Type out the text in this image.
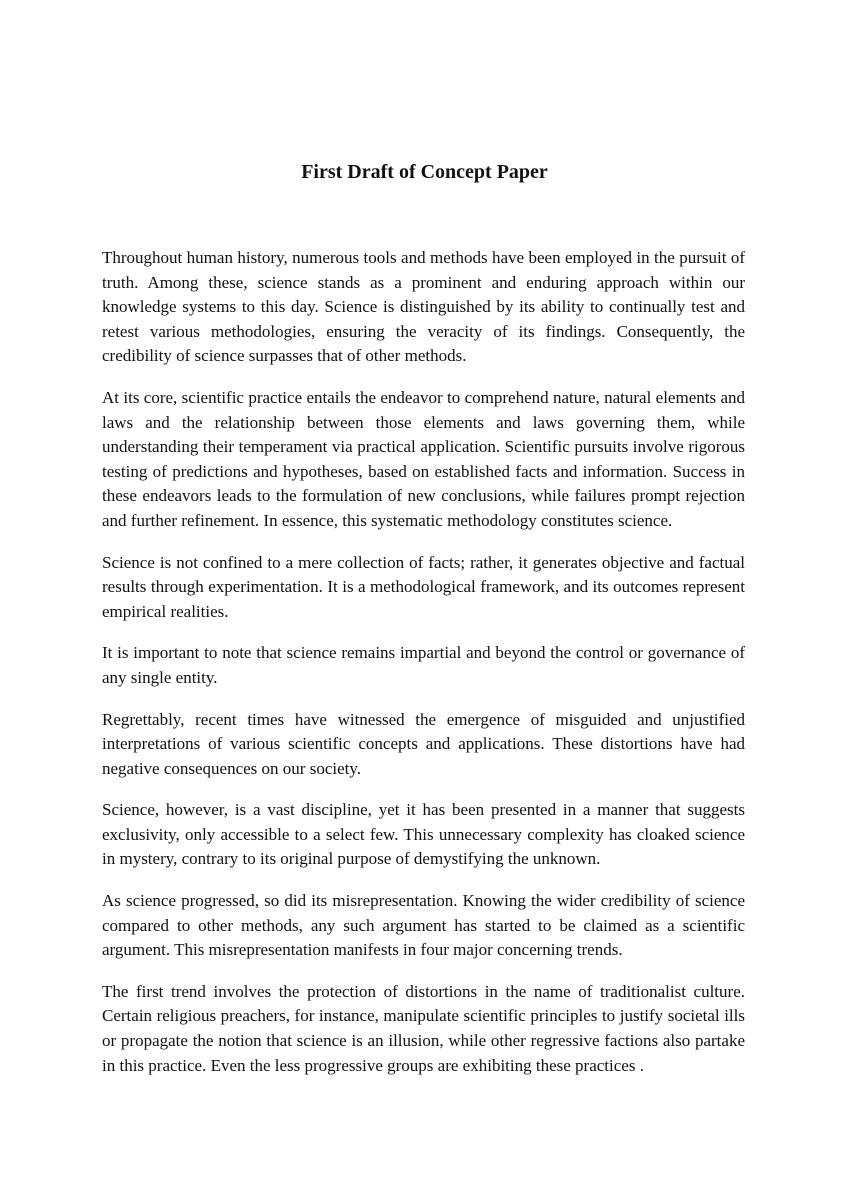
First Draft of Concept Paper

Throughout human history, numerous tools and methods have been employed in the pursuit of truth. Among these, science stands as a prominent and enduring approach within our knowledge systems to this day. Science is distinguished by its ability to continually test and retest various methodologies, ensuring the veracity of its findings. Consequently, the credibility of science surpasses that of other methods.

At its core, scientific practice entails the endeavor to comprehend nature, natural elements and  laws and the relationship between those elements and laws governing them, while understanding their temperament via practical application. Scientific pursuits involve rigorous testing of predictions and hypotheses, based on established facts and information. Success in these endeavors leads to the formulation of new conclusions, while failures prompt rejection and further refinement. In essence, this systematic methodology constitutes science.

Science is not confined to a mere collection of facts; rather, it generates objective and factual results through experimentation. It is a methodological framework, and its outcomes represent empirical realities.

It is important to note that science remains impartial and beyond the control or governance of any single entity.

Regrettably, recent times have witnessed the emergence of misguided and unjustified interpretations of various scientific concepts and applications. These distortions have had negative consequences on our society.

Science, however, is a vast discipline, yet it has been presented in a manner that suggests exclusivity, only accessible to a select few. This unnecessary complexity has cloaked science in mystery, contrary to its original purpose of demystifying the unknown.

As science progressed, so did its misrepresentation. Knowing the wider credibility of science compared to other methods, any such argument has started to be claimed as a scientific argument. This misrepresentation manifests in four major concerning trends.

The first trend involves the protection of distortions in the name of traditionalist culture. Certain religious preachers, for instance, manipulate scientific principles to justify societal ills or propagate the notion that science is an illusion, while other regressive factions also partake in this practice. Even the less progressive groups are exhibiting these practices .
